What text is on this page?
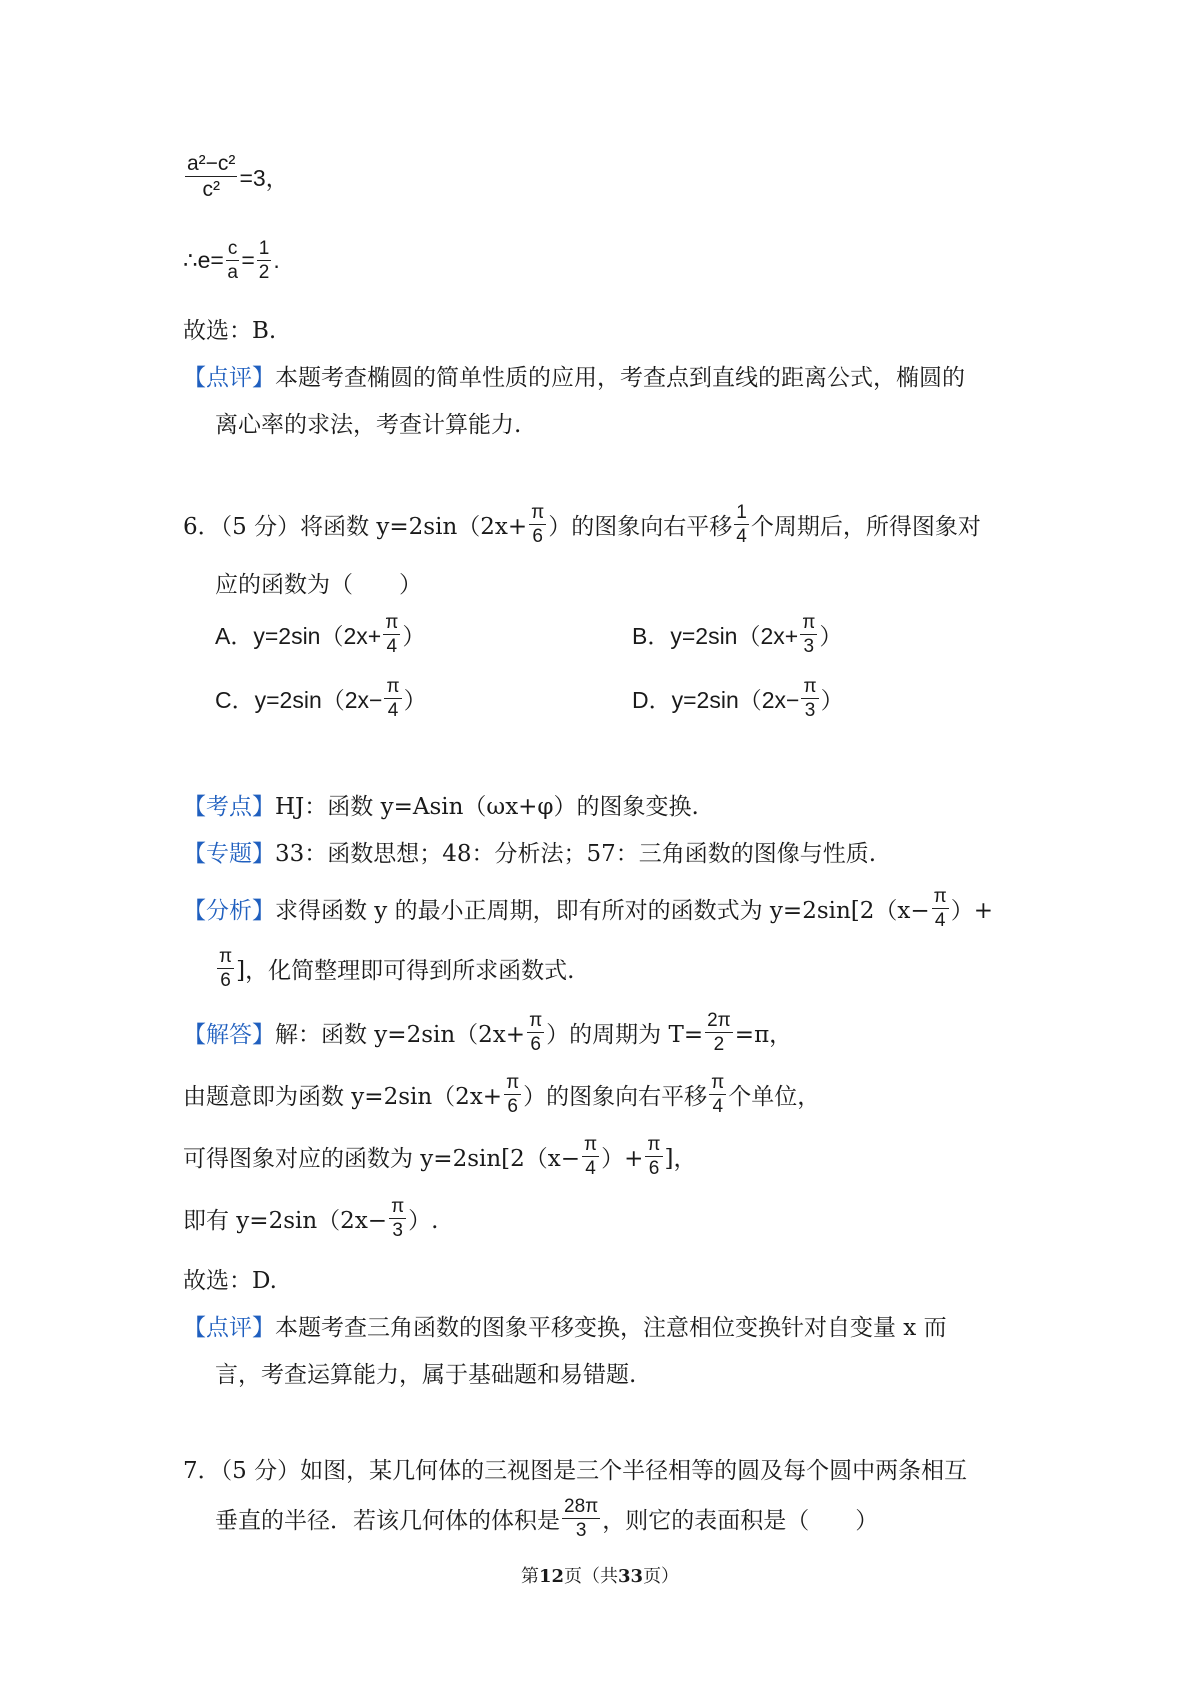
$\frac{\text{a²−c²}}{\text{c²}} =3$，
∴e= $\frac{c}{a} = \frac{1}{2}$ .
故选：B.
【点评】 本题考查椭圆的简单性质的应用，考查点到直线的距离公式，椭圆的
离心率的求法，考查计算能力.
6．（5 分）将函数 $y=2\sin(2x+ \frac{\pi}{6}$ ）的图象向右平移 $\frac{1}{4}$ 个周期后，所得图象对
应的函数为（　　）
A．$y=2\sin(2x+ \frac{\pi}{4}$ ）	B．$y=2\sin(2x+ \frac{\pi}{3}$ ）
C．$y=2\sin(2x- \frac{\pi}{4}$ ）	D．$y=2\sin(2x- \frac{\pi}{3}$ ）
【考点】 HJ：函数 y=Asin（ωx+φ）的图象变换.
【专题】 33：函数思想；48：分析法；57：三角函数的图像与性质.
【分析】 求得函数 y 的最小正周期，即有所对的函数式为 $y=2\sin[2(x- \frac{\pi}{4}$ ）+
$\frac{\pi}{6}$ ]，化简整理即可得到所求函数式.
【解答】 解：函数 $y=2\sin(2x+ \frac{\pi}{6}$ ）的周期为 $T= \frac{2\pi}{2} =\pi$，
由题意即为函数 $y=2\sin(2x+ \frac{\pi}{6}$ ）的图象向右平移 $\frac{\pi}{4}$ 个单位，
可得图象对应的函数为 $y=2\sin[2(x- \frac{\pi}{4}$ ）+ $\frac{\pi}{6}$ ]，
即有 $y=2\sin(2x- \frac{\pi}{3}$ ）.
故选：D.
【点评】 本题考查三角函数的图象平移变换，注意相位变换针对自变量 x 而
言，考查运算能力，属于基础题和易错题.
7．（5 分）如图，某几何体的三视图是三个半径相等的圆及每个圆中两条相互
垂直的半径．若该几何体的体积是 $\frac{28\pi}{3}$ ，则它的表面积是（　　）
第12页（共33页）
